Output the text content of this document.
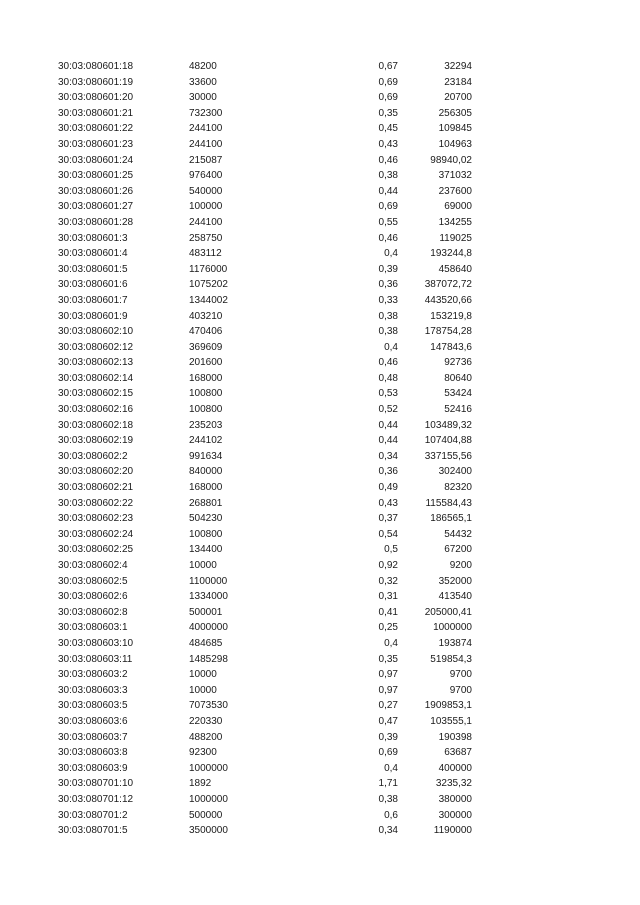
30:03:080601:18	48200	0,67	32294
30:03:080601:19	33600	0,69	23184
30:03:080601:20	30000	0,69	20700
30:03:080601:21	732300	0,35	256305
30:03:080601:22	244100	0,45	109845
30:03:080601:23	244100	0,43	104963
30:03:080601:24	215087	0,46	98940,02
30:03:080601:25	976400	0,38	371032
30:03:080601:26	540000	0,44	237600
30:03:080601:27	100000	0,69	69000
30:03:080601:28	244100	0,55	134255
30:03:080601:3	258750	0,46	119025
30:03:080601:4	483112	0,4	193244,8
30:03:080601:5	1176000	0,39	458640
30:03:080601:6	1075202	0,36	387072,72
30:03:080601:7	1344002	0,33	443520,66
30:03:080601:9	403210	0,38	153219,8
30:03:080602:10	470406	0,38	178754,28
30:03:080602:12	369609	0,4	147843,6
30:03:080602:13	201600	0,46	92736
30:03:080602:14	168000	0,48	80640
30:03:080602:15	100800	0,53	53424
30:03:080602:16	100800	0,52	52416
30:03:080602:18	235203	0,44	103489,32
30:03:080602:19	244102	0,44	107404,88
30:03:080602:2	991634	0,34	337155,56
30:03:080602:20	840000	0,36	302400
30:03:080602:21	168000	0,49	82320
30:03:080602:22	268801	0,43	115584,43
30:03:080602:23	504230	0,37	186565,1
30:03:080602:24	100800	0,54	54432
30:03:080602:25	134400	0,5	67200
30:03:080602:4	10000	0,92	9200
30:03:080602:5	1100000	0,32	352000
30:03:080602:6	1334000	0,31	413540
30:03:080602:8	500001	0,41	205000,41
30:03:080603:1	4000000	0,25	1000000
30:03:080603:10	484685	0,4	193874
30:03:080603:11	1485298	0,35	519854,3
30:03:080603:2	10000	0,97	9700
30:03:080603:3	10000	0,97	9700
30:03:080603:5	7073530	0,27	1909853,1
30:03:080603:6	220330	0,47	103555,1
30:03:080603:7	488200	0,39	190398
30:03:080603:8	92300	0,69	63687
30:03:080603:9	1000000	0,4	400000
30:03:080701:10	1892	1,71	3235,32
30:03:080701:12	1000000	0,38	380000
30:03:080701:2	500000	0,6	300000
30:03:080701:5	3500000	0,34	1190000
